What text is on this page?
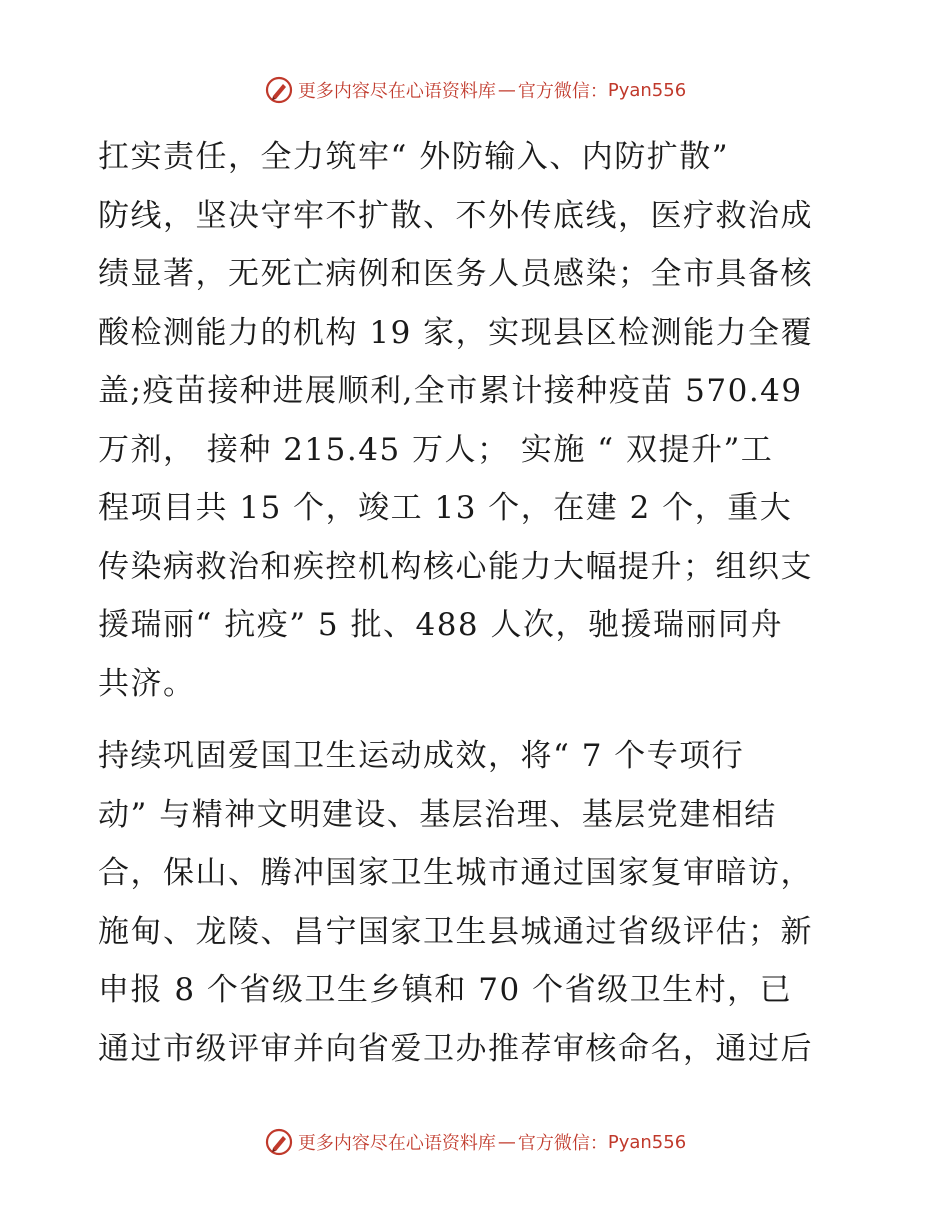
更多内容尽在心语资料库 — 官方微信： Pyan556

扛实责任，全力筑牢“ 外防输入、内防扩散”
防线，坚决守牢不扩散、不外传底线，医疗救治成
绩显著，无死亡病例和医务人员感染；全市具备核
酸检测能力的机构 19 家，实现县区检测能力全覆
盖;疫苗接种进展顺利,全市累计接种疫苗 570.49
万剂， 接种 215.45 万人； 实施 “ 双提升”工
程项目共 15 个，竣工 13 个，在建 2 个，重大
传染病救治和疾控机构核心能力大幅提升；组织支
援瑞丽“ 抗疫” 5 批、488 人次，驰援瑞丽同舟
共济。

持续巩固爱国卫生运动成效，将“ 7 个专项行
动” 与精神文明建设、基层治理、基层党建相结
合，保山、腾冲国家卫生城市通过国家复审暗访，
施甸、龙陵、昌宁国家卫生县城通过省级评估；新
申报 8 个省级卫生乡镇和 70 个省级卫生村，已
通过市级评审并向省爱卫办推荐审核命名，通过后

更多内容尽在心语资料库 — 官方微信： Pyan556
